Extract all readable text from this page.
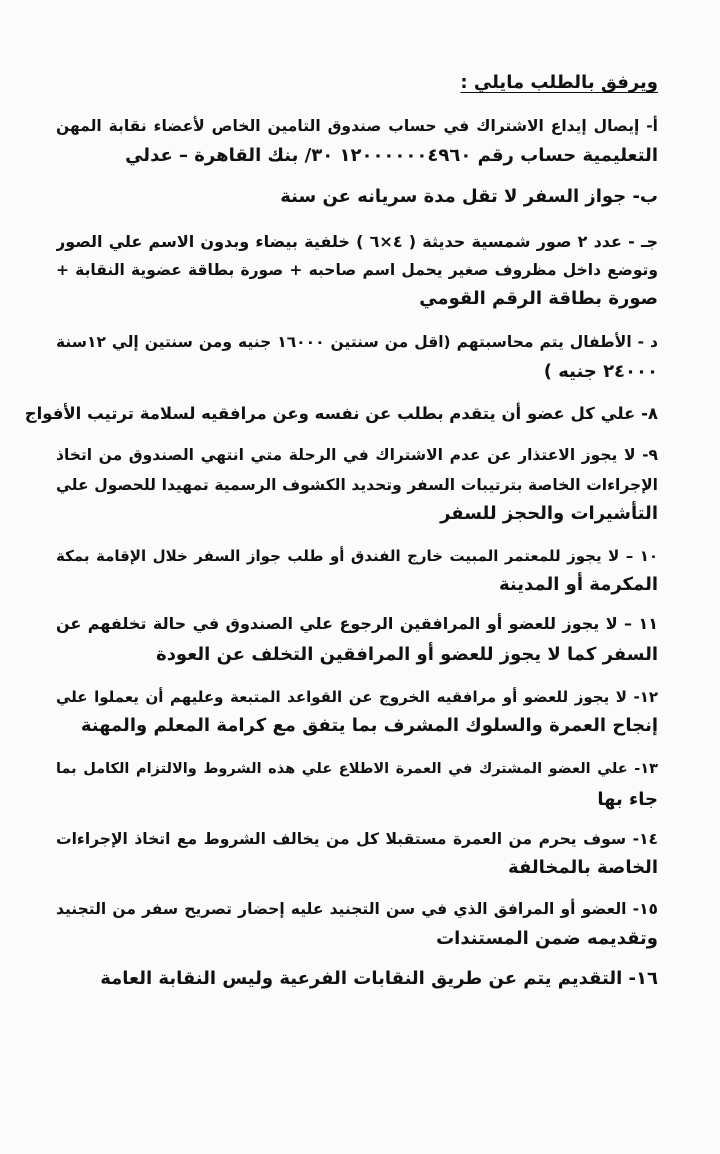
ويرفق بالطلب مايلي :
أ- إيصال إيداع الاشتراك في حساب صندوق التامين الخاص لأعضاء نقابة المهن
التعليمية حساب رقم ١٢٠٠٠٠٠٠٤٩٦٠ ٣٠/ بنك القاهرة – عدلي
ب- جواز السفر لا تقل مدة سريانه عن سنة
جـ - عدد ٢ صور شمسية حديثة ( ٤×٦ ) خلفية بيضاء وبدون الاسم علي الصور
وتوضع داخل مظروف صغير يحمل اسم صاحبه + صورة بطاقة عضوية النقابة +
صورة بطاقة الرقم القومي
د - الأطفال يتم محاسبتهم (اقل من سنتين ١٦٠٠٠ جنيه ومن سنتين إلي ١٢سنة
٢٤٠٠٠ جنيه )
٨- علي كل عضو أن يتقدم بطلب عن نفسه وعن مرافقيه لسلامة ترتيب الأفواج
٩- لا يجوز الاعتذار عن عدم الاشتراك في الرحلة متي انتهي الصندوق من اتخاذ
الإجراءات الخاصة بترتيبات السفر وتحديد الكشوف الرسمية تمهيدا للحصول علي
التأشيرات والحجز للسفر
١٠ – لا يجوز للمعتمر المبيت خارج الفندق أو طلب جواز السفر خلال الإقامة بمكة
المكرمة أو المدينة
١١ – لا يجوز للعضو أو المرافقين الرجوع علي الصندوق في حالة تخلفهم عن
السفر كما لا يجوز للعضو أو المرافقين التخلف عن العودة
١٢- لا يجوز للعضو أو مرافقيه الخروج عن القواعد المتبعة وعليهم أن يعملوا علي
إنجاح العمرة والسلوك المشرف بما يتفق مع كرامة المعلم والمهنة
١٣- علي العضو المشترك في العمرة الاطلاع علي هذه الشروط والالتزام الكامل بما
جاء بها
١٤- سوف يحرم من العمرة مستقبلا كل من يخالف الشروط مع اتخاذ الإجراءات
الخاصة بالمخالفة
١٥- العضو أو المرافق الذي في سن التجنيد عليه إحضار تصريح سفر من التجنيد
وتقديمه ضمن المستندات
١٦- التقديم يتم عن طريق النقابات الفرعية وليس النقابة العامة
